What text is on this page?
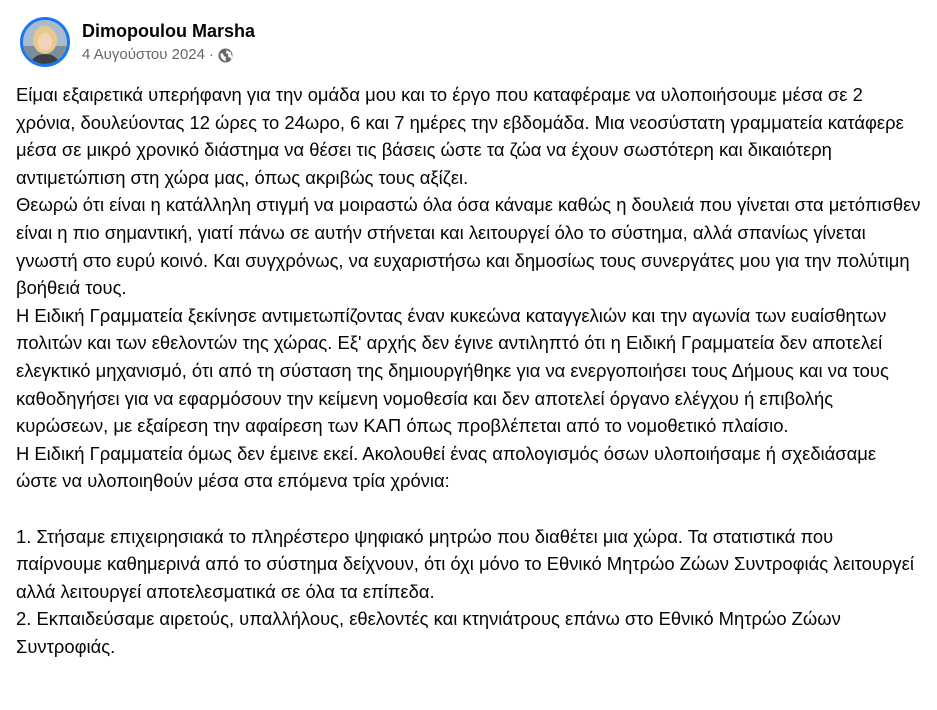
Dimopoulou Marsha
4 Αυγούστου 2024 ·

Είμαι εξαιρετικά υπερήφανη για την ομάδα μου και το έργο που καταφέραμε να υλοποιήσουμε μέσα σε 2 χρόνια, δουλεύοντας 12 ώρες το 24ωρο, 6 και 7 ημέρες την εβδομάδα. Μια νεοσύστατη γραμματεία κατάφερε μέσα σε μικρό χρονικό διάστημα να θέσει τις βάσεις ώστε τα ζώα να έχουν σωστότερη και δικαιότερη αντιμετώπιση στη χώρα μας, όπως ακριβώς τους αξίζει.

Θεωρώ ότι είναι η κατάλληλη στιγμή να μοιραστώ όλα όσα κάναμε καθώς η δουλειά που γίνεται στα μετόπισθεν είναι η πιο σημαντική, γιατί πάνω σε αυτήν στήνεται και λειτουργεί όλο το σύστημα, αλλά σπανίως γίνεται γνωστή στο ευρύ κοινό. Και συγχρόνως, να ευχαριστήσω και δημοσίως τους συνεργάτες μου για την πολύτιμη βοήθειά τους.

Η Ειδική Γραμματεία ξεκίνησε αντιμετωπίζοντας έναν κυκεώνα καταγγελιών και την αγωνία των ευαίσθητων πολιτών και των εθελοντών της χώρας. Εξ' αρχής δεν έγινε αντιληπτό ότι η Ειδική Γραμματεία δεν αποτελεί ελεγκτικό μηχανισμό, ότι από τη σύσταση της δημιουργήθηκε για να ενεργοποιήσει τους Δήμους και να τους καθοδηγήσει για να εφαρμόσουν την κείμενη νομοθεσία και δεν αποτελεί όργανο ελέγχου ή επιβολής κυρώσεων, με εξαίρεση την αφαίρεση των ΚΑΠ όπως προβλέπεται από το νομοθετικό πλαίσιο.

Η Ειδική Γραμματεία όμως δεν έμεινε εκεί. Ακολουθεί ένας απολογισμός όσων υλοποιήσαμε ή σχεδιάσαμε ώστε να υλοποιηθούν μέσα στα επόμενα τρία χρόνια:

1. Στήσαμε επιχειρησιακά το πληρέστερο ψηφιακό μητρώο που διαθέτει μια χώρα. Τα στατιστικά που παίρνουμε καθημερινά από το σύστημα δείχνουν, ότι όχι μόνο το Εθνικό Μητρώο Ζώων Συντροφιάς λειτουργεί αλλά λειτουργεί αποτελεσματικά σε όλα τα επίπεδα.

2. Εκπαιδεύσαμε αιρετούς, υπαλλήλους, εθελοντές και κτηνιάτρους επάνω στο Εθνικό Μητρώο Ζώων Συντροφιάς.
